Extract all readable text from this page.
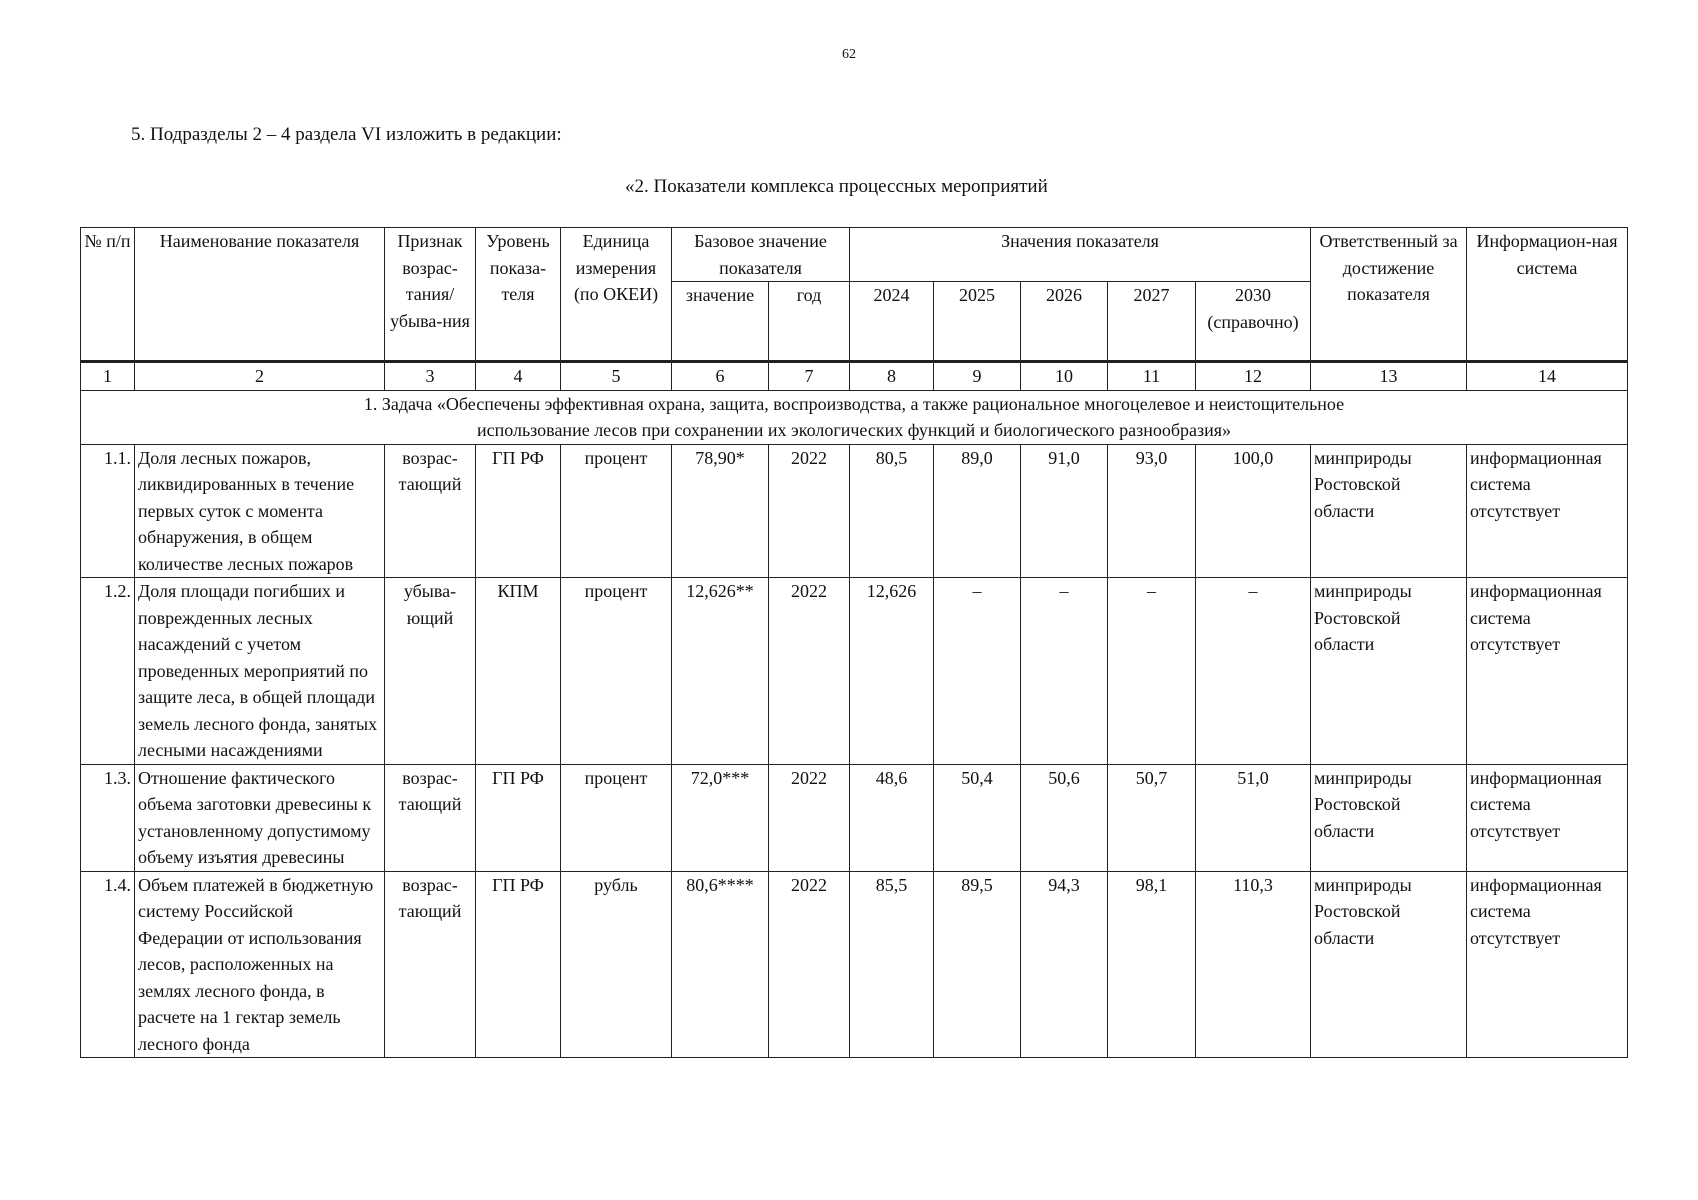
62
5. Подразделы 2 – 4 раздела VI изложить в редакции:
«2. Показатели комплекса процессных мероприятий
№ п/п	Наименование показателя	Признак возрас-тания/ убыва-ния	Уровень показа-теля	Единица измерения (по ОКЕИ)	Базовое значение показателя		Значения показателя					Ответственный за достижение показателя	Информацион-ная система
					значение	год	2024	2025	2026	2027	2030 (справочно)		
1	2	3	4	5	6	7	8	9	10	11	12	13	14
1. Задача «Обеспечены эффективная охрана, защита, воспроизводства, а также рациональное многоцелевое и неистощительное использование лесов при сохранении их экологических функций и биологического разнообразия»													
1.1.	Доля лесных пожаров, ликвидированных в течение первых суток с момента обнаружения, в общем количестве лесных пожаров	возрас-тающий	ГП РФ	процент	78,90*	2022	80,5	89,0	91,0	93,0	100,0	минприроды Ростовской области	информационная система отсутствует
1.2.	Доля площади погибших и поврежденных лесных насаждений с учетом проведенных мероприятий по защите леса, в общей площади земель лесного фонда, занятых лесными насаждениями	убыва-ющий	КПМ	процент	12,626**	2022	12,626	–	–	–	–	минприроды Ростовской области	информационная система отсутствует
1.3.	Отношение фактического объема заготовки древесины к установленному допустимому объему изъятия древесины	возрас-тающий	ГП РФ	процент	72,0***	2022	48,6	50,4	50,6	50,7	51,0	минприроды Ростовской области	информационная система отсутствует
1.4.	Объем платежей в бюджетную систему Российской Федерации от использования лесов, расположенных на землях лесного фонда, в расчете на 1 гектар земель лесного фонда	возрас-тающий	ГП РФ	рубль	80,6****	2022	85,5	89,5	94,3	98,1	110,3	минприроды Ростовской области	информационная система отсутствует
